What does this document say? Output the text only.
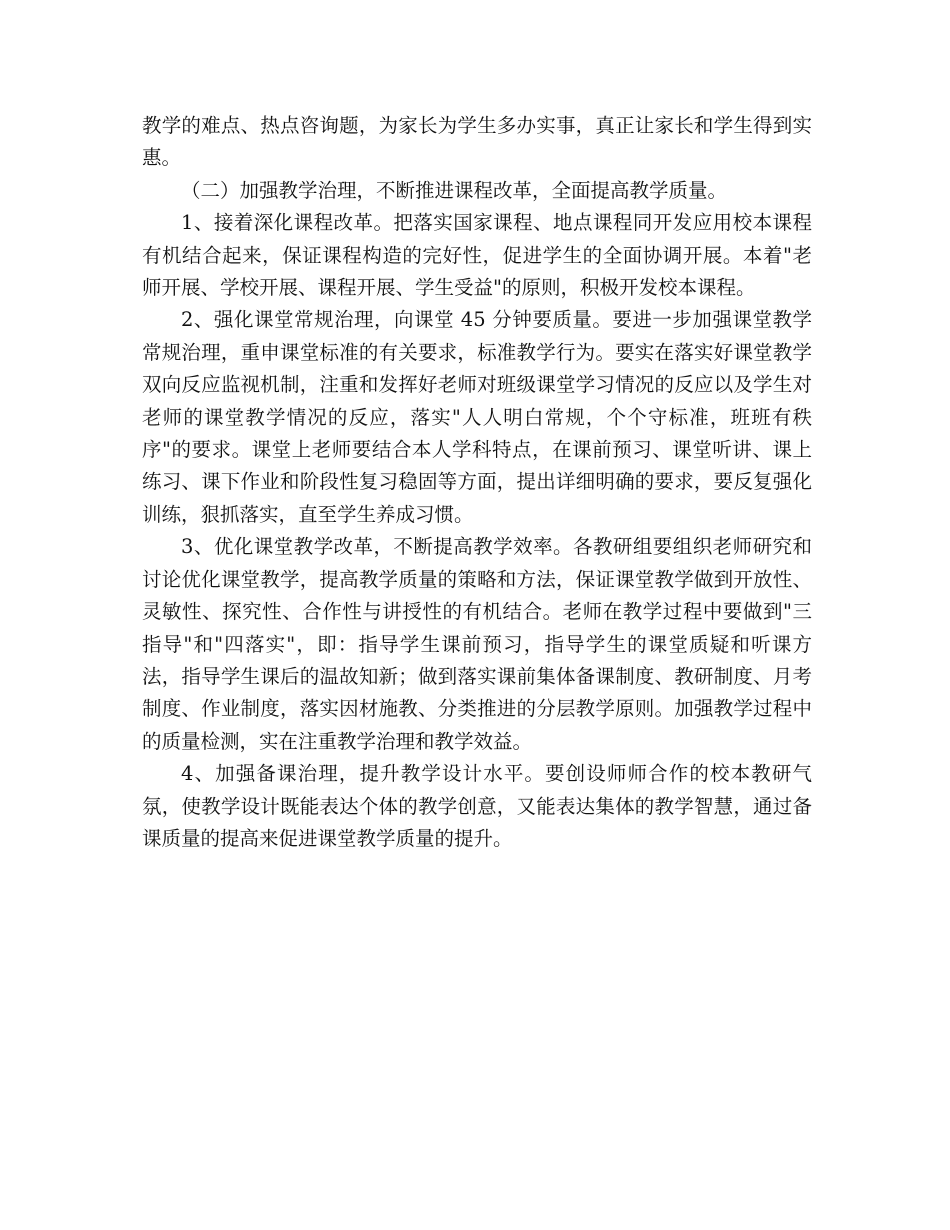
教学的难点、热点咨询题，为家长为学生多办实事，真正让家长和学生得到实惠。

（二）加强教学治理，不断推进课程改革，全面提高教学质量。

1、接着深化课程改革。把落实国家课程、地点课程同开发应用校本课程有机结合起来，保证课程构造的完好性，促进学生的全面协调开展。本着"老师开展、学校开展、课程开展、学生受益"的原则，积极开发校本课程。

2、强化课堂常规治理，向课堂 45 分钟要质量。要进一步加强课堂教学常规治理，重申课堂标准的有关要求，标准教学行为。要实在落实好课堂教学双向反应监视机制，注重和发挥好老师对班级课堂学习情况的反应以及学生对老师的课堂教学情况的反应，落实"人人明白常规，个个守标准，班班有秩序"的要求。课堂上老师要结合本人学科特点，在课前预习、课堂听讲、课上练习、课下作业和阶段性复习稳固等方面，提出详细明确的要求，要反复强化训练，狠抓落实，直至学生养成习惯。

3、优化课堂教学改革，不断提高教学效率。各教研组要组织老师研究和讨论优化课堂教学，提高教学质量的策略和方法，保证课堂教学做到开放性、灵敏性、探究性、合作性与讲授性的有机结合。老师在教学过程中要做到"三指导"和"四落实"，即：指导学生课前预习，指导学生的课堂质疑和听课方法，指导学生课后的温故知新；做到落实课前集体备课制度、教研制度、月考制度、作业制度，落实因材施教、分类推进的分层教学原则。加强教学过程中的质量检测，实在注重教学治理和教学效益。

4、加强备课治理，提升教学设计水平。要创设师师合作的校本教研气氛，使教学设计既能表达个体的教学创意，又能表达集体的教学智慧，通过备课质量的提高来促进课堂教学质量的提升。
